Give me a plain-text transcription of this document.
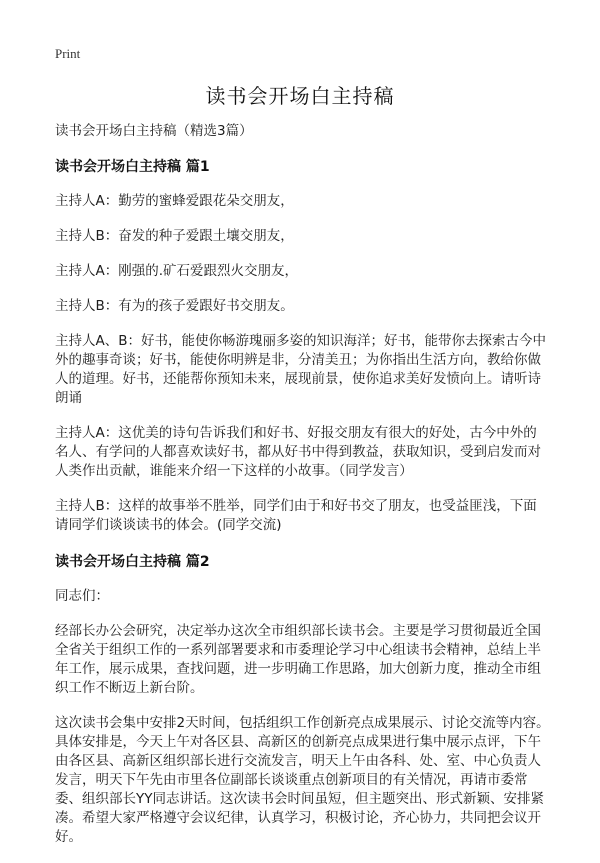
Print
读书会开场白主持稿

读书会开场白主持稿（精选3篇）

读书会开场白主持稿 篇1

主持人A：勤劳的蜜蜂爱跟花朵交朋友，

主持人B：奋发的种子爱跟土壤交朋友，

主持人A：刚强的.矿石爱跟烈火交朋友，

主持人B：有为的孩子爱跟好书交朋友。

主持人A、B：好书，能使你畅游瑰丽多姿的知识海洋；好书，能带你去探索古今中外的趣事奇谈；好书，能使你明辨是非，分清美丑；为你指出生活方向，教给你做人的道理。好书，还能帮你预知未来，展现前景，使你追求美好发愤向上。请听诗朗诵

主持人A：这优美的诗句告诉我们和好书、好报交朋友有很大的好处，古今中外的名人、有学问的人都喜欢读好书，都从好书中得到教益，获取知识，受到启发而对人类作出贡献，谁能来介绍一下这样的小故事。（同学发言）

主持人B：这样的故事举不胜举，同学们由于和好书交了朋友，也受益匪浅，下面请同学们谈谈读书的体会。(同学交流)

读书会开场白主持稿 篇2

同志们：

经部长办公会研究，决定举办这次全市组织部长读书会。主要是学习贯彻最近全国全省关于组织工作的一系列部署要求和市委理论学习中心组读书会精神，总结上半年工作，展示成果，查找问题，进一步明确工作思路，加大创新力度，推动全市组织工作不断迈上新台阶。

这次读书会集中安排2天时间，包括组织工作创新亮点成果展示、讨论交流等内容。具体安排是，今天上午对各区县、高新区的创新亮点成果进行集中展示点评，下午由各区县、高新区组织部长进行交流发言，明天上午由各科、处、室、中心负责人发言，明天下午先由市里各位副部长谈谈重点创新项目的有关情况，再请市委常委、组织部长YY同志讲话。这次读书会时间虽短，但主题突出、形式新颖、安排紧凑。希望大家严格遵守会议纪律，认真学习，积极讨论，齐心协力，共同把会议开好。
